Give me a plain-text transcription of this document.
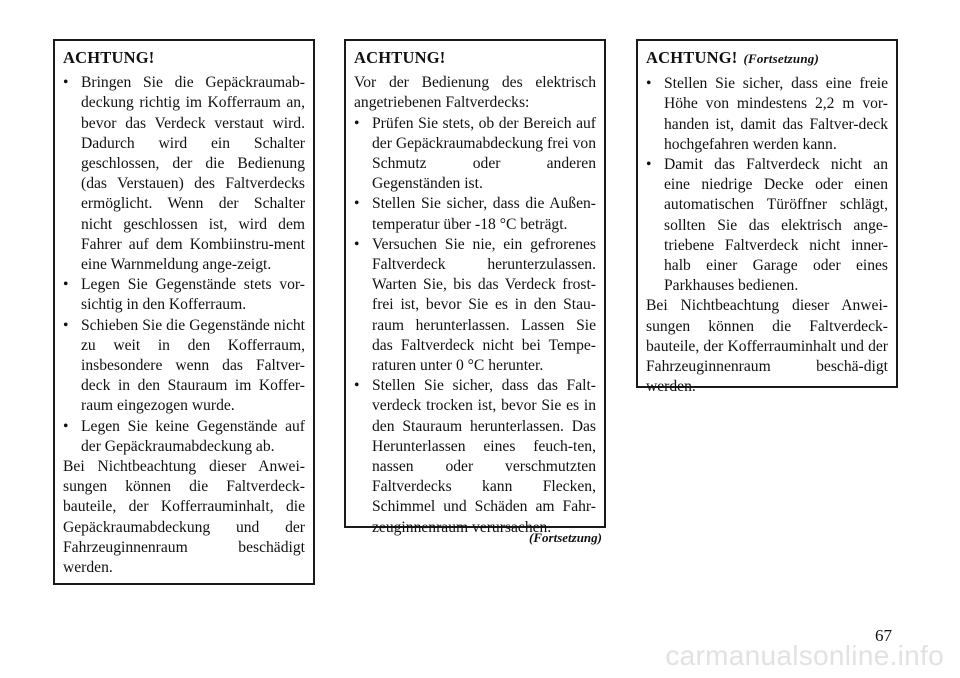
ACHTUNG!
• Bringen Sie die Gepäckraumab-deckung richtig im Kofferraum an, bevor das Verdeck verstaut wird. Dadurch wird ein Schalter geschlossen, der die Bedienung (das Verstauen) des Faltverdecks ermöglicht. Wenn der Schalter nicht geschlossen ist, wird dem Fahrer auf dem Kombiinstru-ment eine Warnmeldung ange-zeigt.
• Legen Sie Gegenstände stets vor-sichtig in den Kofferraum.
• Schieben Sie die Gegenstände nicht zu weit in den Kofferraum, insbesondere wenn das Faltver-deck in den Stauraum im Koffer-raum eingezogen wurde.
• Legen Sie keine Gegenstände auf der Gepäckraumabdeckung ab.

Bei Nichtbeachtung dieser Anwei-sungen können die Faltverdeck-bauteile, der Kofferrauminhalt, die Gepäckraumabdeckung und der Fahrzeuginnenraum beschädigt werden.

ACHTUNG!

Vor der Bedienung des elektrisch angetriebenen Faltverdecks:

• Prüfen Sie stets, ob der Bereich auf der Gepäckraumabdeckung frei von Schmutz oder anderen Gegenständen ist.
• Stellen Sie sicher, dass die Außen-temperatur über -18 °C beträgt.
• Versuchen Sie nie, ein gefrorenes Faltverdeck herunterzulassen. Warten Sie, bis das Verdeck frost-frei ist, bevor Sie es in den Stau-raum herunterlassen. Lassen Sie das Faltverdeck nicht bei Tempe-raturen unter 0 °C herunter.
• Stellen Sie sicher, dass das Falt-verdeck trocken ist, bevor Sie es in den Stauraum herunterlassen. Das Herunterlassen eines feuch-ten, nassen oder verschmutzten Faltverdecks kann Flecken, Schimmel und Schäden am Fahr-zeuginnenraum verursachen.
(Fortsetzung)
ACHTUNG! (Fortsetzung)
• Stellen Sie sicher, dass eine freie Höhe von mindestens 2,2 m vor-handen ist, damit das Faltver-deck hochgefahren werden kann.
• Damit das Faltverdeck nicht an eine niedrige Decke oder einen automatischen Türöffner schlägt, sollten Sie das elektrisch ange-triebene Faltverdeck nicht inner-halb einer Garage oder eines Parkhauses bedienen.

Bei Nichtbeachtung dieser Anwei-sungen können die Faltverdeck-bauteile, der Kofferrauminhalt und der Fahrzeuginnenraum beschä-digt werden.

67
carmanualsonline.info
